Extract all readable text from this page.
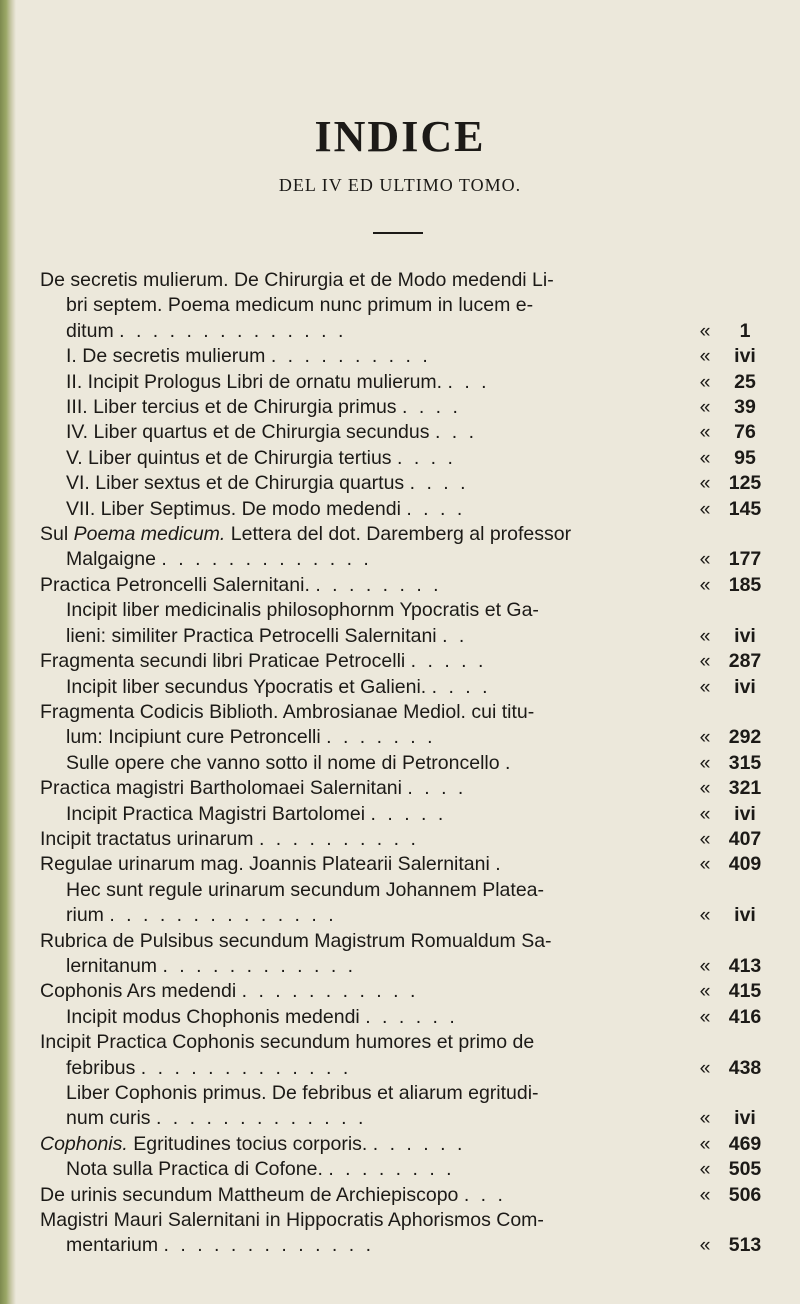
INDICE
DEL IV ED ULTIMO TOMO.
De secretis mulierum. De Chirurgia et de Modo medendi Li-
bri septem. Poema medicum nunc primum in lucem e-
ditum . . . . . . . . . . . . . .	«	1
I. De secretis mulierum . . . . . . . . . .	«	ivi
II. Incipit Prologus Libri de ornatu mulierum. . . .	«	25
III. Liber tercius et de Chirurgia primus . . . .	«	39
IV. Liber quartus et de Chirurgia secundus . . .	«	76
V. Liber quintus et de Chirurgia tertius . . . .	«	95
VI. Liber sextus et de Chirurgia quartus . . . .	« 125
VII. Liber Septimus. De modo medendi . . . .	« 145
Sul Poema medicum. Lettera del dot. Daremberg al professor
Malgaigne . . . . . . . . . . . . .	« 177
Practica Petroncelli Salernitani. . . . . . . . .	« 185
Incipit liber medicinalis philosophornm Ypocratis et Ga-
lieni: similiter Practica Petrocelli Salernitani . .	«	ivi
Fragmenta secundi libri Praticae Petrocelli . . . . .	« 287
Incipit liber secundus Ypocratis et Galieni. . . . .	«	ivi
Fragmenta Codicis Biblioth. Ambrosianae Mediol. cui titu-
lum: Incipiunt cure Petroncelli . . . . . . .	« 292
Sulle opere che vanno sotto il nome di Petroncello .	« 315
Practica magistri Bartholomaei Salernitani . . . .	« 321
Incipit Practica Magistri Bartolomei . . . . .	«	ivi
Incipit tractatus urinarum . . . . . . . . . .	« 407
Regulae urinarum mag. Joannis Platearii Salernitani .	« 409
Hec sunt regule urinarum secundum Johannem Platea-
rium . . . . . . . . . . . . . .	«	ivi
Rubrica de Pulsibus secundum Magistrum Romualdum Sa-
lernitanum . . . . . . . . . . . .	« 413
Cophonis Ars medendi . . . . . . . . . . .	« 415
Incipit modus Chophonis medendi . . . . . .	« 416
Incipit Practica Cophonis secundum humores et primo de
febribus . . . . . . . . . . . . .	« 438
Liber Cophonis primus. De febribus et aliarum egritudi-
num curis . . . . . . . . . . . . .	«	ivi
Cophonis. Egritudines tocius corporis. . . . . . .	« 469
Nota sulla Practica di Cofone. . . . . . . . .	« 505
De urinis secundum Mattheum de Archiepiscopo . . .	« 506
Magistri Mauri Salernitani in Hippocratis Aphorismos Com-
mentarium . . . . . . . . . . . . .	« 513
